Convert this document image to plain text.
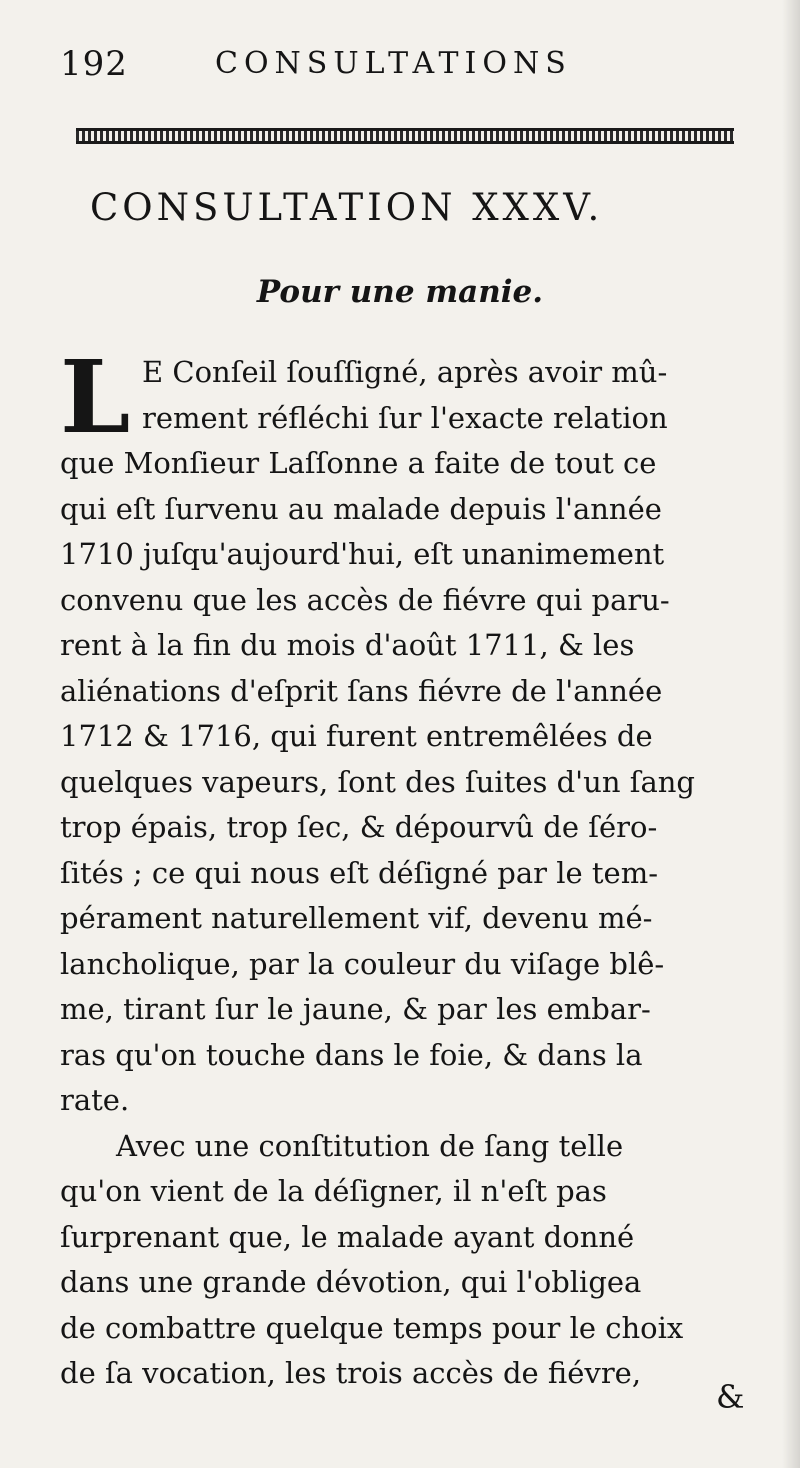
192	CONSULTATIONS
CONSULTATION XXXV.
Pour une manie.
L E Conſeil ſouſſigné, après avoir mû-
rement réfléchi ſur l'exacte relation
que Monſieur Laſſonne a faite de tout ce
qui eſt ſurvenu au malade depuis l'année
1710 juſqu'aujourd'hui, eſt unanimement
convenu que les accès de fiévre qui paru-
rent à la fin du mois d'août 1711, & les
aliénations d'eſprit ſans fiévre de l'année
1712 & 1716, qui furent entremêlées de
quelques vapeurs, ſont des ſuites d'un ſang
trop épais, trop ſec, & dépourvû de ſéro-
ſités ; ce qui nous eſt déſigné par le tem-
pérament naturellement vif, devenu mé-
lancholique, par la couleur du viſage blê-
me, tirant ſur le jaune, & par les embar-
ras qu'on touche dans le foie, & dans la
rate.
Avec une conſtitution de ſang telle
qu'on vient de la déſigner, il n'eſt pas
ſurprenant que, le malade ayant donné
dans une grande dévotion, qui l'obligea
de combattre quelque temps pour le choix
de ſa vocation, les trois accès de fiévre,
&
